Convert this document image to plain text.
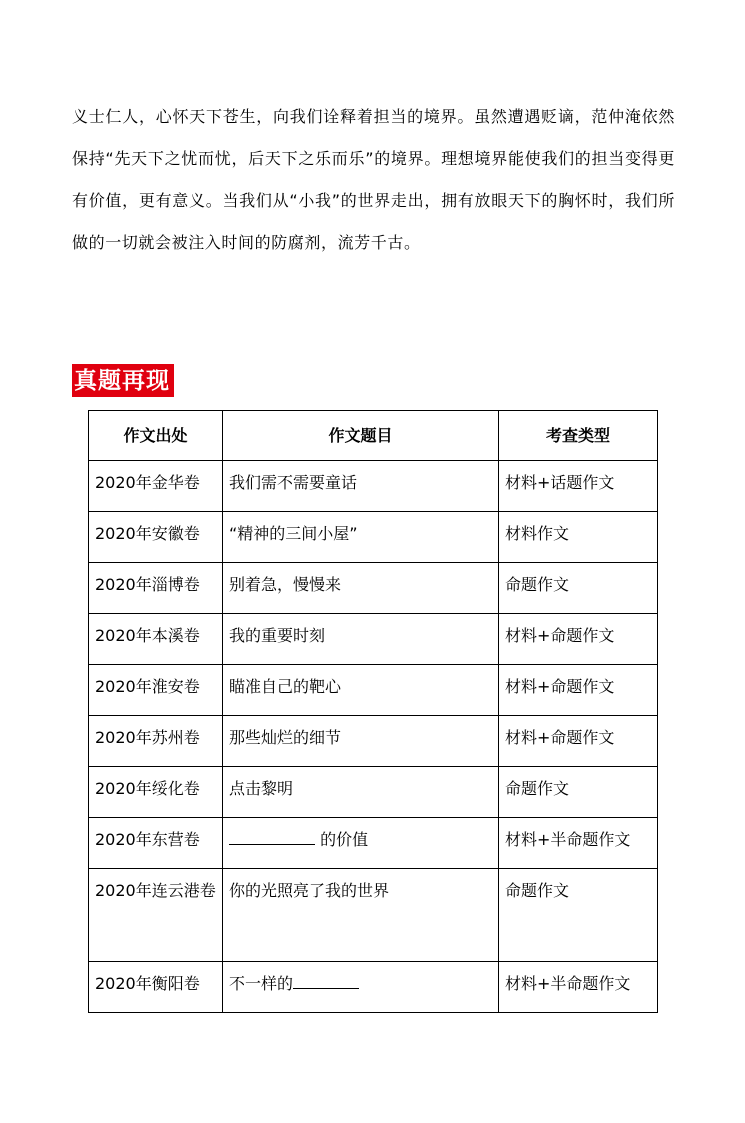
义士仁人，心怀天下苍生，向我们诠释着担当的境界。虽然遭遇贬谪，范仲淹依然保持“先天下之忧而忧，后天下之乐而乐”的境界。理想境界能使我们的担当变得更有价值，更有意义。当我们从“小我”的世界走出，拥有放眼天下的胸怀时，我们所做的一切就会被注入时间的防腐剂，流芳千古。

真题再现
作文出处	作文题目	考查类型
2020年金华卷	我们需不需要童话	材料+话题作文
2020年安徽卷	“精神的三间小屋”	材料作文
2020年淄博卷	别着急，慢慢来	命题作文
2020年本溪卷	我的重要时刻	材料+命题作文
2020年淮安卷	瞄准自己的靶心	材料+命题作文
2020年苏州卷	那些灿烂的细节	材料+命题作文
2020年绥化卷	点击黎明	命题作文
2020年东营卷	的价值	材料+半命题作文
2020年连云港卷	你的光照亮了我的世界	命题作文
2020年衡阳卷	不一样的	材料+半命题作文
